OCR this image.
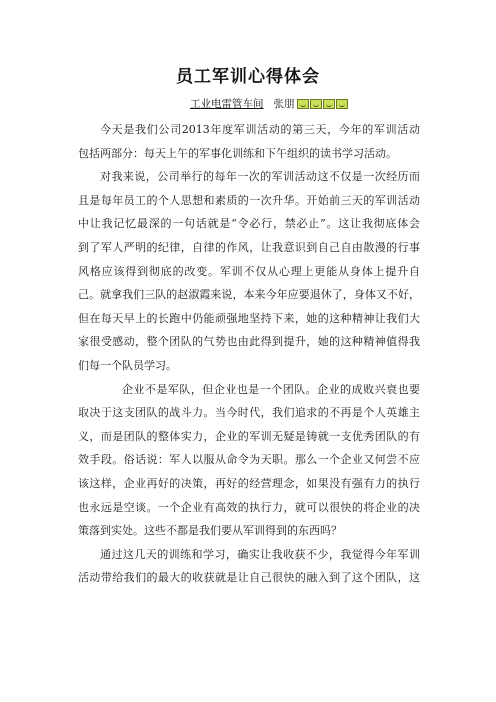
员工军训心得体会
工业电雷管车间 张朋
今天是我们公司2013年度军训活动的第三天，今年的军训活动
包括两部分：每天上午的军事化训练和下午组织的读书学习活动。
对我来说，公司举行的每年一次的军训活动这不仅是一次经历而
且是每年员工的个人思想和素质的一次升华。开始前三天的军训活动
中让我记忆最深的一句话就是“令必行，禁必止”。这让我彻底体会
到了军人严明的纪律，自律的作风，让我意识到自己自由散漫的行事
风格应该得到彻底的改变。军训不仅从心理上更能从身体上提升自
己。就拿我们三队的赵淑霞来说，本来今年应要退休了，身体又不好，
但在每天早上的长跑中仍能顽强地坚持下来，她的这种精神让我们大
家很受感动，整个团队的气势也由此得到提升，她的这种精神值得我
们每一个队员学习。
企业不是军队，但企业也是一个团队。企业的成败兴衰也要
取决于这支团队的战斗力。当今时代，我们追求的不再是个人英雄主
义，而是团队的整体实力，企业的军训无疑是铸就一支优秀团队的有
效手段。俗话说：军人以服从命令为天职。那么一个企业又何尝不应
该这样，企业再好的决策，再好的经营理念，如果没有强有力的执行
也永远是空谈。一个企业有高效的执行力，就可以很快的将企业的决
策落到实处。这些不都是我们要从军训得到的东西吗？
通过这几天的训练和学习，确实让我收获不少，我觉得今年军训
活动带给我们的最大的收获就是让自己很快的融入到了这个团队，这
